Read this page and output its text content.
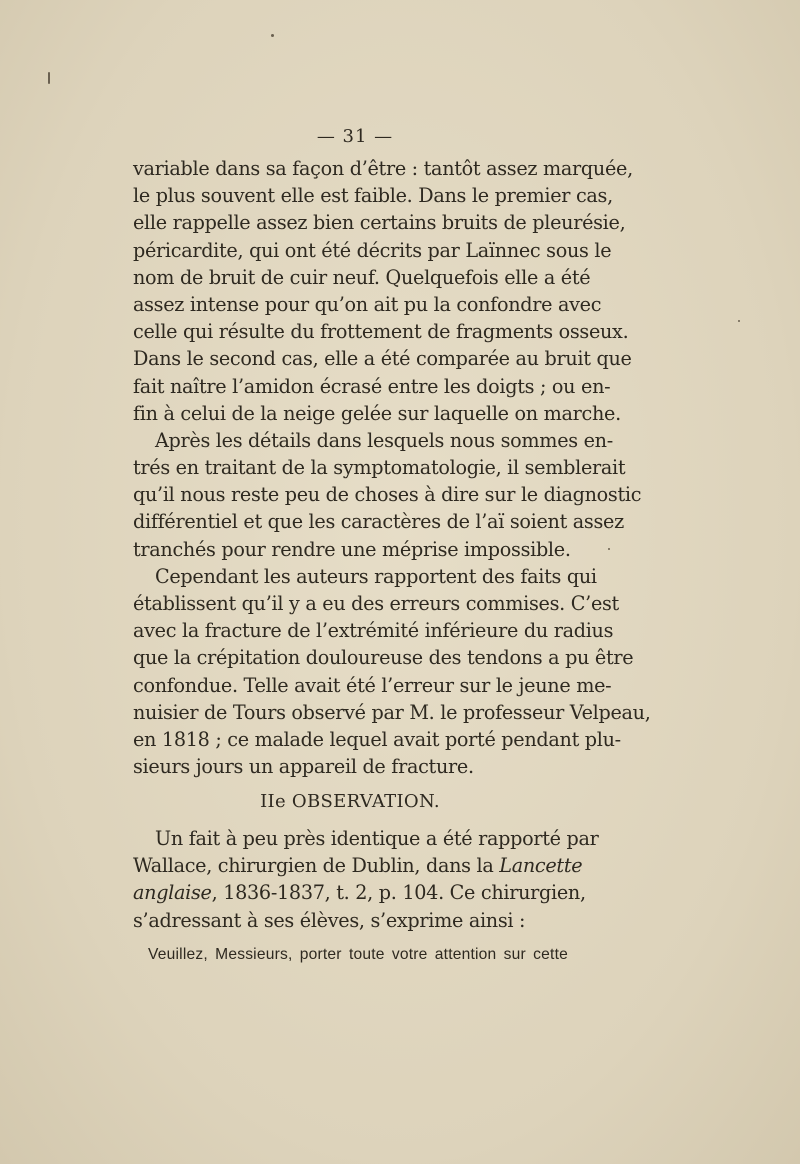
— 31 —
variable dans sa façon d’être : tantôt assez marquée,
le plus souvent elle est faible. Dans le premier cas,
elle rappelle assez bien certains bruits de pleurésie,
péricardite, qui ont été décrits par Laïnnec sous le
nom de bruit de cuir neuf. Quelquefois elle a été
assez intense pour qu’on ait pu la confondre avec
celle qui résulte du frottement de fragments osseux.
Dans le second cas, elle a été comparée au bruit que
fait naître l’amidon écrasé entre les doigts ; ou en-
fin à celui de la neige gelée sur laquelle on marche.
Après les détails dans lesquels nous sommes en-
trés en traitant de la symptomatologie, il semblerait
qu’il nous reste peu de choses à dire sur le diagnostic
différentiel et que les caractères de l’aï soient assez
tranchés pour rendre une méprise impossible.
Cependant les auteurs rapportent des faits qui
établissent qu’il y a eu des erreurs commises. C’est
avec la fracture de l’extrémité inférieure du radius
que la crépitation douloureuse des tendons a pu être
confondue. Telle avait été l’erreur sur le jeune me-
nuisier de Tours observé par M. le professeur Velpeau,
en 1818 ; ce malade lequel avait porté pendant plu-
sieurs jours un appareil de fracture.
IIe OBSERVATION.
Un fait à peu près identique a été rapporté par
Wallace, chirurgien de Dublin, dans la Lancette
anglaise, 1836-1837, t. 2, p. 104. Ce chirurgien,
s’adressant à ses élèves, s’exprime ainsi :
Veuillez, Messieurs, porter toute votre attention sur cette
